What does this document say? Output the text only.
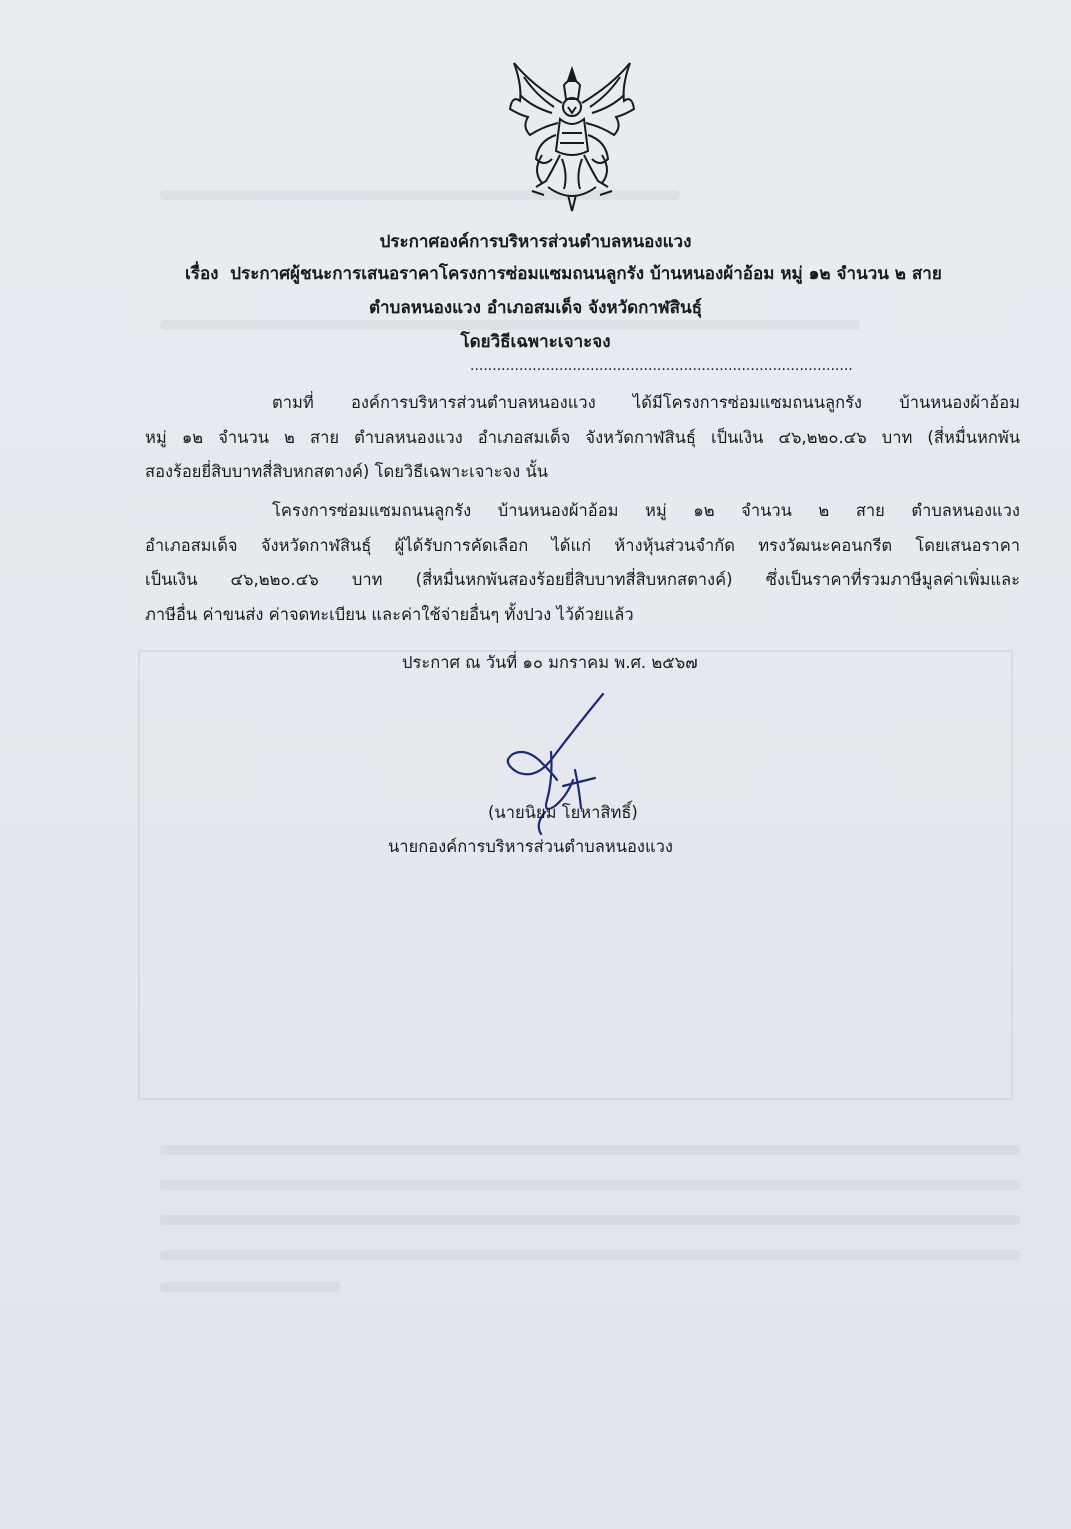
ประกาศองค์การบริหารส่วนตำบลหนองแวง
เรื่อง ประกาศผู้ชนะการเสนอราคาโครงการซ่อมแซมถนนลูกรัง บ้านหนองผ้าอ้อม หมู่ ๑๒ จำนวน ๒ สาย
ตำบลหนองแวง อำเภอสมเด็จ จังหวัดกาฬสินธุ์
โดยวิธีเฉพาะเจาะจง
......................................................................................
ตามที่ องค์การบริหารส่วนตำบลหนองแวง ได้มีโครงการซ่อมแซมถนนลูกรัง บ้านหนองผ้าอ้อม
หมู่ ๑๒ จำนวน ๒ สาย ตำบลหนองแวง อำเภอสมเด็จ จังหวัดกาฬสินธุ์ เป็นเงิน ๔๖,๒๒๐.๔๖ บาท (สี่หมื่นหกพัน
สองร้อยยี่สิบบาทสี่สิบหกสตางค์) โดยวิธีเฉพาะเจาะจง นั้น
โครงการซ่อมแซมถนนลูกรัง บ้านหนองผ้าอ้อม หมู่ ๑๒ จำนวน ๒ สาย ตำบลหนองแวง
อำเภอสมเด็จ จังหวัดกาฬสินธุ์ ผู้ได้รับการคัดเลือก ได้แก่ ห้างหุ้นส่วนจำกัด ทรงวัฒนะคอนกรีต โดยเสนอราคา
เป็นเงิน ๔๖,๒๒๐.๔๖ บาท (สี่หมื่นหกพันสองร้อยยี่สิบบาทสี่สิบหกสตางค์) ซึ่งเป็นราคาที่รวมภาษีมูลค่าเพิ่มและ
ภาษีอื่น ค่าขนส่ง ค่าจดทะเบียน และค่าใช้จ่ายอื่นๆ ทั้งปวง ไว้ด้วยแล้ว
ประกาศ ณ วันที่ ๑๐ มกราคม พ.ศ. ๒๕๖๗
(นายนิยม โยหาสิทธิ์)
นายกองค์การบริหารส่วนตำบลหนองแวง
